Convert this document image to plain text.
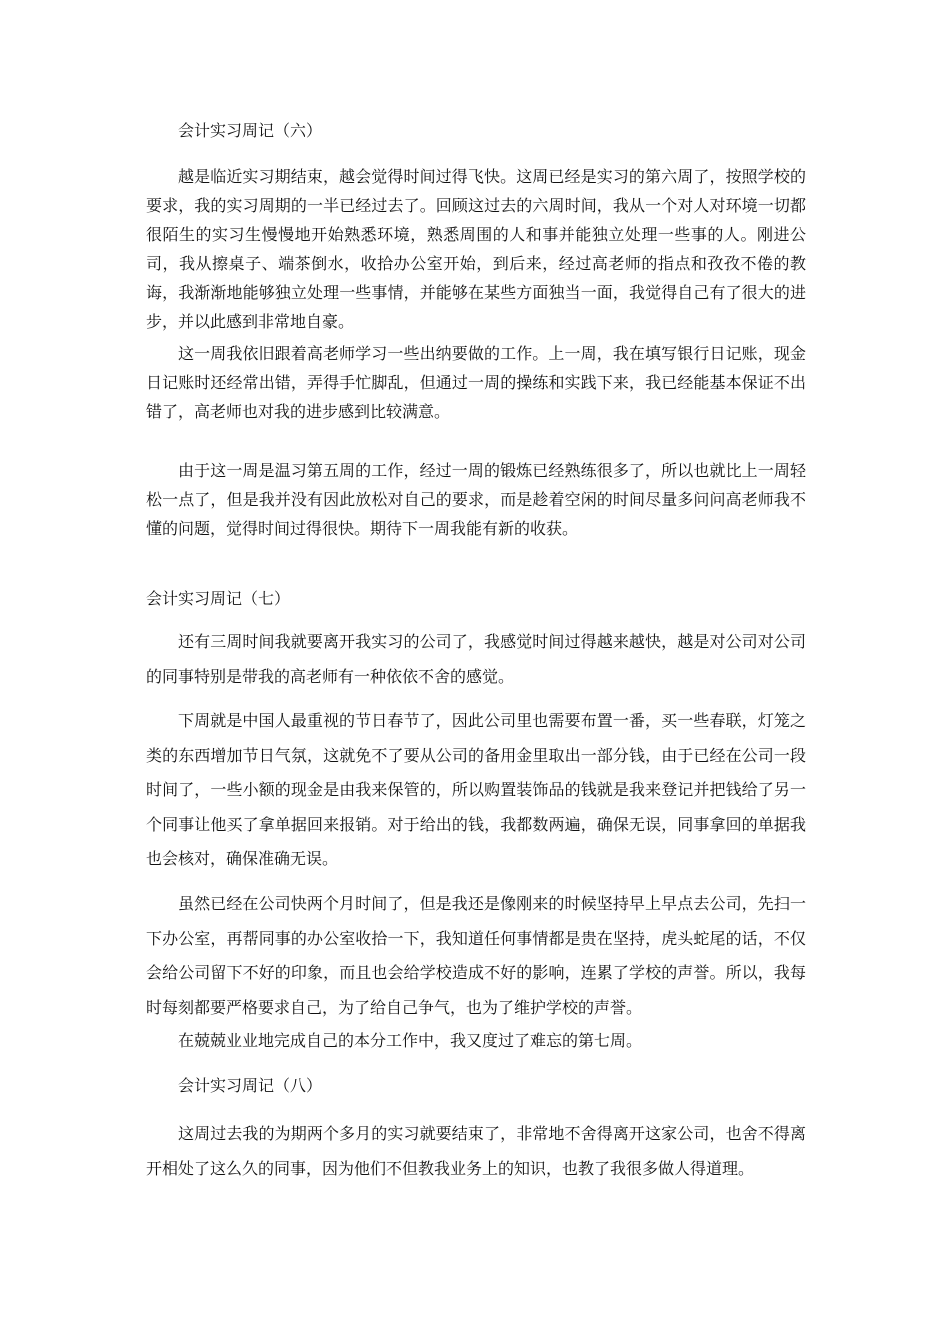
会计实习周记（六）

越是临近实习期结束，越会觉得时间过得飞快。这周已经是实习的第六周了，按照学校的要求，我的实习周期的一半已经过去了。回顾这过去的六周时间，我从一个对人对环境一切都很陌生的实习生慢慢地开始熟悉环境，熟悉周围的人和事并能独立处理一些事的人。刚进公司，我从擦桌子、端茶倒水，收拾办公室开始，到后来，经过高老师的指点和孜孜不倦的教诲，我渐渐地能够独立处理一些事情，并能够在某些方面独当一面，我觉得自己有了很大的进步，并以此感到非常地自豪。

这一周我依旧跟着高老师学习一些出纳要做的工作。上一周，我在填写银行日记账，现金日记账时还经常出错，弄得手忙脚乱，但通过一周的操练和实践下来，我已经能基本保证不出错了，高老师也对我的进步感到比较满意。

由于这一周是温习第五周的工作，经过一周的锻炼已经熟练很多了，所以也就比上一周轻松一点了，但是我并没有因此放松对自己的要求，而是趁着空闲的时间尽量多问问高老师我不懂的问题，觉得时间过得很快。期待下一周我能有新的收获。

会计实习周记（七）

还有三周时间我就要离开我实习的公司了，我感觉时间过得越来越快，越是对公司对公司的同事特别是带我的高老师有一种依依不舍的感觉。

下周就是中国人最重视的节日春节了，因此公司里也需要布置一番，买一些春联，灯笼之类的东西增加节日气氛，这就免不了要从公司的备用金里取出一部分钱，由于已经在公司一段时间了，一些小额的现金是由我来保管的，所以购置装饰品的钱就是我来登记并把钱给了另一个同事让他买了拿单据回来报销。对于给出的钱，我都数两遍，确保无误，同事拿回的单据我也会核对，确保准确无误。

虽然已经在公司快两个月时间了，但是我还是像刚来的时候坚持早上早点去公司，先扫一下办公室，再帮同事的办公室收拾一下，我知道任何事情都是贵在坚持，虎头蛇尾的话，不仅会给公司留下不好的印象，而且也会给学校造成不好的影响，连累了学校的声誉。所以，我每时每刻都要严格要求自己，为了给自己争气，也为了维护学校的声誉。

在兢兢业业地完成自己的本分工作中，我又度过了难忘的第七周。

会计实习周记（八）

这周过去我的为期两个多月的实习就要结束了，非常地不舍得离开这家公司，也舍不得离开相处了这么久的同事，因为他们不但教我业务上的知识，也教了我很多做人得道理。
